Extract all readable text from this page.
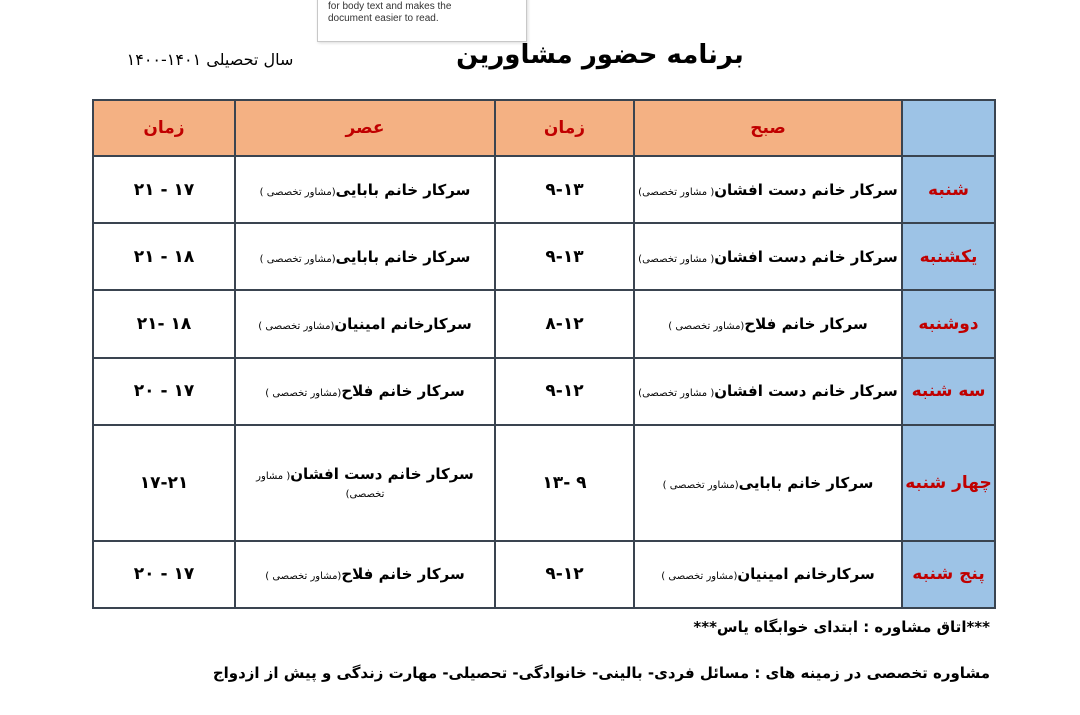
for body text and makes the
document easier to read.
برنامه حضور مشاورین
سال تحصیلی ۱۴۰۱-۱۴۰۰
	صبح	زمان	عصر	زمان
شنبه	سرکار خانم دست افشان( مشاور تخصصی)	۹-۱۳	سرکار خانم بابایی(مشاور تخصصی )	۱۷ - ۲۱
یکشنبه	سرکار خانم دست افشان( مشاور تخصصی)	۹-۱۳	سرکار خانم بابایی(مشاور تخصصی )	۱۸ - ۲۱
دوشنبه	سرکار خانم فلاح(مشاور تخصصی )	۸-۱۲	سرکارخانم امینیان(مشاور تخصصی )	۱۸ -۲۱
سه شنبه	سرکار خانم دست افشان( مشاور تخصصی)	۹-۱۲	سرکار خانم فلاح(مشاور تخصصی )	۱۷ - ۲۰
چهار شنبه	سرکار خانم بابایی(مشاور تخصصی )	۹ -۱۳	سرکار خانم دست افشان( مشاور تخصصی)	۱۷-۲۱
پنج شنبه	سرکارخانم امینیان(مشاور تخصصی )	۹-۱۲	سرکار خانم فلاح(مشاور تخصصی )	۱۷ - ۲۰
***اتاق مشاوره : ابتدای خوابگاه یاس***
مشاوره تخصصی در زمینه های : مسائل فردی- بالینی- خانوادگی- تحصیلی- مهارت زندگی و پیش از ازدواج
